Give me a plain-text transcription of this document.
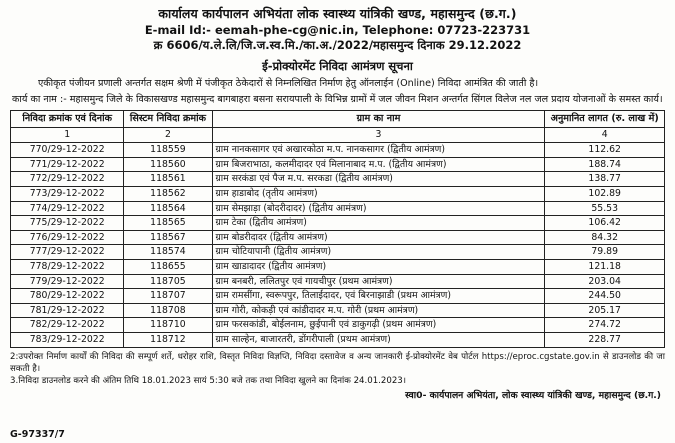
कार्यालय कार्यपालन अभियंता लोक स्वास्थ्य यांत्रिकी खण्ड, महासमुन्द (छ.ग.)
E-mail Id:- eemah-phe-cg@nic.in, Telephone: 07723-223731
क्र 6606/य.ले.लि/जि.ज.स्व.मि./का.अ./2022/महासमुन्द दिनाक 29.12.2022
ई-प्रोक्योरमेंट निविदा आमंत्रण सूचना
एकीकृत पंजीयन प्रणाली अन्तर्गत सक्षम श्रेणी में पंजीकृत ठेकेदारों से निम्नलिखित निर्माण हेतु ऑनलाईन (Online) निविदा आमंत्रित की जाती है।
कार्य का नाम :- महासमुन्द जिले के विकासखण्ड महासमुन्द बागबाहरा बसना सरायपाली के विभिन्न ग्रामों में जल जीवन मिशन अन्तर्गत सिंगल विलेज नल जल प्रदाय योजनाओं के समस्त कार्य।
निविदा क्रमांक एवं दिनांक	सिस्टम निविदा क्रमांक	ग्राम का नाम	अनुमानित लागत (रु. लाख में)
1	2	3	4
770/29-12-2022	118559	ग्राम नानकसागर एवं अखारकोठा म.प. नानकसागर (द्वितीय आमंत्रण)	112.62
771/29-12-2022	118560	ग्राम बिजराभाठा, कलमीदादर एवं मिलानाबाद म.प. (द्वितीय आमंत्रण)	188.74
772/29-12-2022	118561	ग्राम सरकंडा एवं पैज म.प. सरकडा (द्वितीय आमंत्रण)	138.77
773/29-12-2022	118562	ग्राम हाडाबोद (तृतीय आमंत्रण)	102.89
774/29-12-2022	118564	ग्राम सेमझाड़ा (बोदरीदादर) (द्वितीय आमंत्रण)	55.53
775/29-12-2022	118565	ग्राम टेका (द्वितीय आमंत्रण)	106.42
776/29-12-2022	118567	ग्राम बोडरीदादर (द्वितीय आमंत्रण)	84.32
777/29-12-2022	118574	ग्राम चोटियापानी (द्वितीय आमंत्रण)	79.89
778/29-12-2022	118655	ग्राम खाडादादर (द्वितीय आमंत्रण)	121.18
779/29-12-2022	118705	ग्राम बनबरी, ललितपुर एवं गायचीपुर (प्रथम आमंत्रण)	203.04
780/29-12-2022	118707	ग्राम रामसींगा, स्वरूपपुर, तिलाईदादर, एवं बिरनाझाडी (प्रथम आमंत्रण)	244.50
781/29-12-2022	118708	ग्राम गोरी, कोकड़ी एवं कांडीदादर म.प. गोरी (प्रथम आमंत्रण)	205.17
782/29-12-2022	118710	ग्राम फरसकांडी, बोईलनाम, छुईपानी एवं डाकुगढ़ी (प्रथम आमंत्रण)	274.72
783/29-12-2022	118712	ग्राम साल्हेन, बाजारतरी, डोंगरीपाली (प्रथम आमंत्रण)	228.77
2:उपरोक्त निर्माण कार्यों की निविदा की सम्पूर्ण शर्ते, धरोहर राशि, विस्तृत निविदा विज्ञप्ति, निविदा दस्तावेज व अन्य जानकारी ई-प्रोक्योरमेंट वेब पोर्टल https://eproc.cgstate.gov.in से डाउनलोड की जा सकती है।
3.निविदा डाउनलोड करने की अंतिम तिथि 18.01.2023 सायं 5:30 बजे तक तथा निविदा खुलने का दिनांक 24.01.2023।
स्वा0- कार्यपालन अभियंता, लोक स्वास्थ्य यांत्रिकी खण्ड, महासमुन्द (छ.ग.)
G-97337/7
